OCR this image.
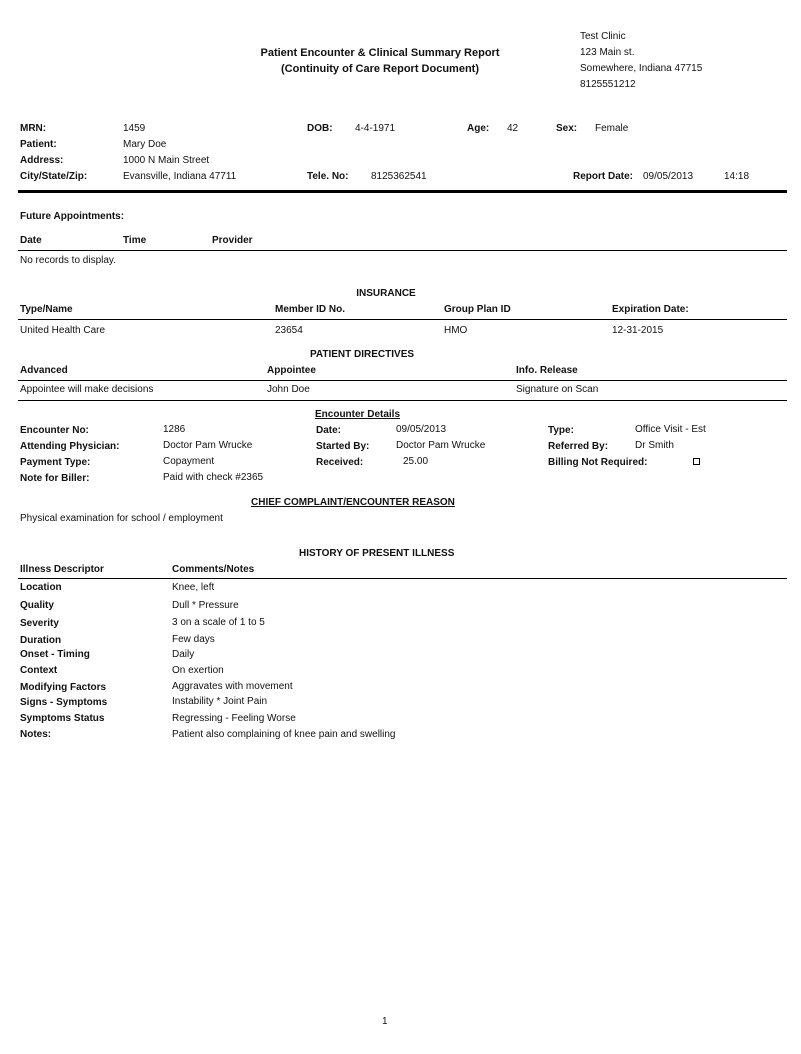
Patient Encounter & Clinical Summary Report
(Continuity of Care Report Document)
Test Clinic
123 Main st.
Somewhere, Indiana 47715
8125551212
MRN:	1459	DOB: 4-4-1971	Age: 42	Sex: Female
Patient:	Mary Doe
Address:	1000 N Main Street
City/State/Zip:	Evansville, Indiana 47711	Tele. No: 8125362541	Report Date: 09/05/2013	14:18
Future Appointments:
Date	Time	Provider
No records to display.
INSURANCE
Type/Name	Member ID No.	Group Plan ID	Expiration Date:
United Health Care	23654	HMO	12-31-2015
PATIENT DIRECTIVES
Advanced	Appointee	Info. Release
Appointee will make decisions	John Doe	Signature on Scan
Encounter Details
Encounter No:	1286	Date:	09/05/2013	Type:	Office Visit - Est
Attending Physician:	Doctor Pam Wrucke	Started By:	Doctor Pam Wrucke	Referred By:	Dr Smith
Payment Type:	Copayment	Received:	25.00	Billing Not Required:
Note for Biller:	Paid with check #2365
CHIEF COMPLAINT/ENCOUNTER REASON
Physical examination for school / employment
HISTORY OF PRESENT ILLNESS
Illness Descriptor	Comments/Notes
Location	Knee, left
Quality	Dull * Pressure
Severity	3 on a scale of 1 to 5
Duration	Few days
Onset - Timing	Daily
Context	On exertion
Modifying Factors	Aggravates with movement
Signs - Symptoms	Instability * Joint Pain
Symptoms Status	Regressing - Feeling Worse
Notes:	Patient also complaining of knee pain and swelling
1
